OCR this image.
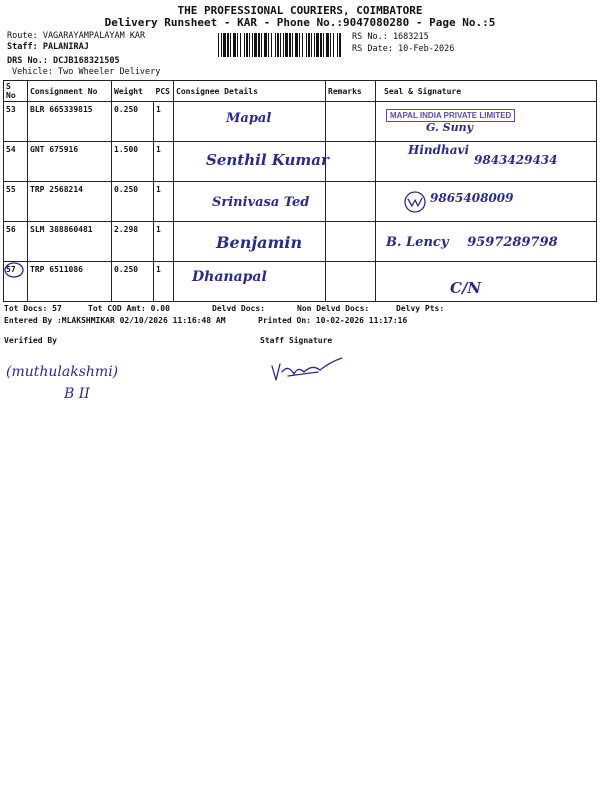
THE PROFESSIONAL COURIERS, COIMBATORE
Delivery Runsheet - KAR - Phone No.:9047080280 - Page No.:5
Route: VAGARAYAMPALAYAM KAR
Staff: PALANIRAJ
DRS No.: DCJB168321505
Vehicle: Two Wheeler Delivery
RS No.: 1683215
RS Date: 10-Feb-2026
S No	Consignment No	Weight	PCS	Consignee Details	Remarks	Seal & Signature
53	BLR 665339815	0.250	1	Mapal		MAPAL INDIA PRIVATE LIMITED
G. Suny

54	GNT 675916	1.500	1	Senthil Kumar		Hindhavi
9843429434

55	TRP 2568214	0.250	1	Srinivasa Ted		9865408009

56	SLM 388860481	2.298	1	Benjamin		B. Lency 9597289798

57	TRP 6511086	0.250	1	Dhanapal		C/N
Tot Docs: 57	Tot COD Amt: 0.00	Delvd Docs:	Non Delvd Docs:	Delvy Pts:
Entered By :MLAKSHMIKAR 02/10/2026 11:16:48 AM	Printed On: 10-02-2026 11:17:16
Verified By	Staff Signature
(muthulakshmi)
B II
